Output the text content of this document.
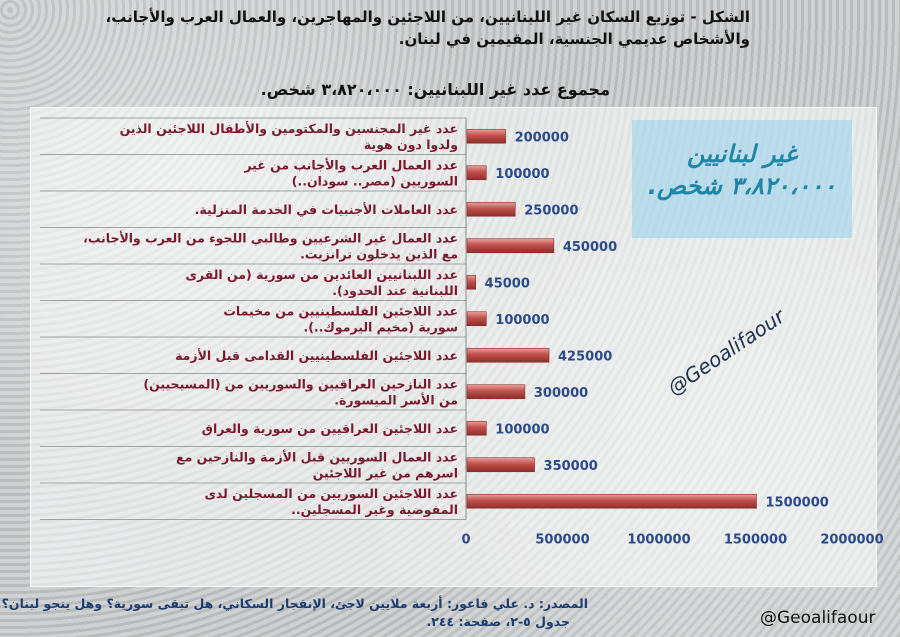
الشكل - توزيع السكان غير اللبنانيين، من اللاجئين والمهاجرين، والعمال العرب والأجانب،
والأشخاص عديمي الجنسية، المقيمين في لبنان.
مجموع عدد غير اللبنانيين: ٣،٨٢٠،٠٠٠ شخص.
غير لبنانيين
٣،٨٢٠،٠٠٠ شخص.
عدد غير المجنسين والمكتومين والأطفال اللاجئين الذين ولدوا دون هوية	200000
عدد العمال العرب والأجانب من غير السوريين (مصر.. سودان..)	100000
عدد العاملات الأجنبيات في الخدمة المنزلية.	250000
عدد العمال غير الشرعيين وطالبي اللجوء من العرب والأجانب، مع الذين يدخلون ترانزيت.	450000
عدد اللبنانيين العائدين من سورية (من القرى اللبنانية عند الحدود). 45000
عدد اللاجئين الفلسطينيين من مخيمات سورية (مخيم اليرموك..).	100000
عدد اللاجئين الفلسطينيين القدامى قبل الأزمة	425000
عدد النازحين العراقيين والسوريين من (المسيحيين) من الأسر الميسورة.	300000
عدد اللاجئين العراقيين من سورية والعراق	100000
عدد العمال السوريين قبل الأزمة والنازحين مع اسرهم من غير اللاجئين	350000
عدد اللاجئين السوريين من المسجلين لدى المفوضية وغير المسجلين..	1500000
0	500000	1000000	1500000	2000000
@Geoalifaour
المصدر: د. علي فاعور: أربعة ملايين لاجئ، الإنفجار السكاني، هل تبقى سورية؟ وهل ينجو لبنان؟
جدول ٥-٢، صفحة: ٢٤٤.	@Geoalifaour
